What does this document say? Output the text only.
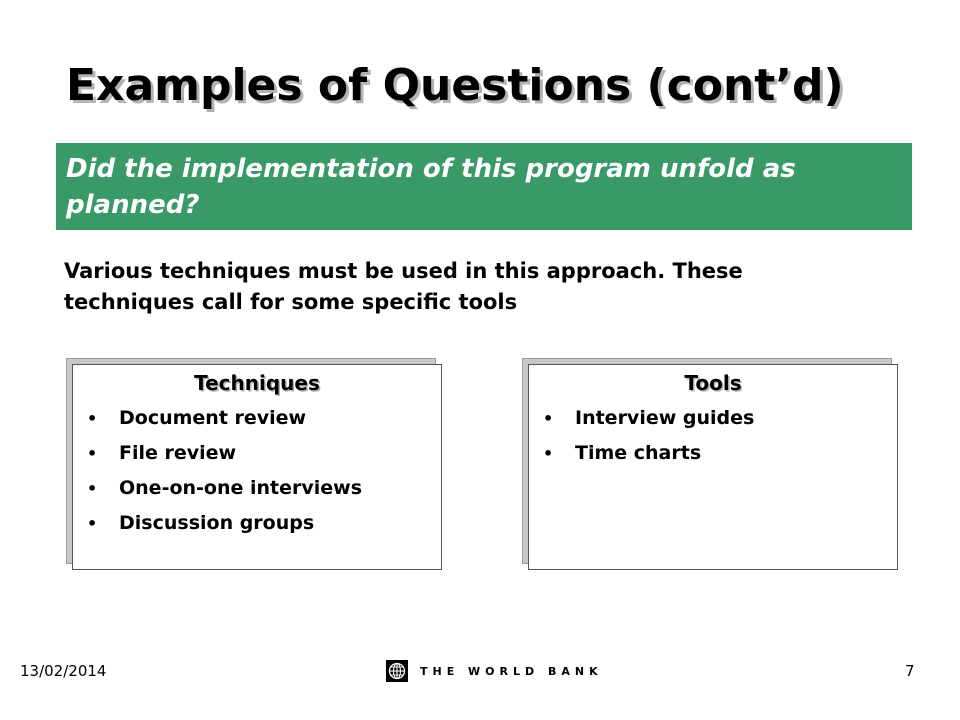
Examples of Questions (cont’d)
Did the implementation of this program unfold as planned?
Various techniques must be used in this approach. These techniques call for some specific tools
Techniques
• Document review
• File review
• One-on-one interviews
• Discussion groups
Tools
• Interview guides
• Time charts
13/02/2014	THE WORLD BANK	7
